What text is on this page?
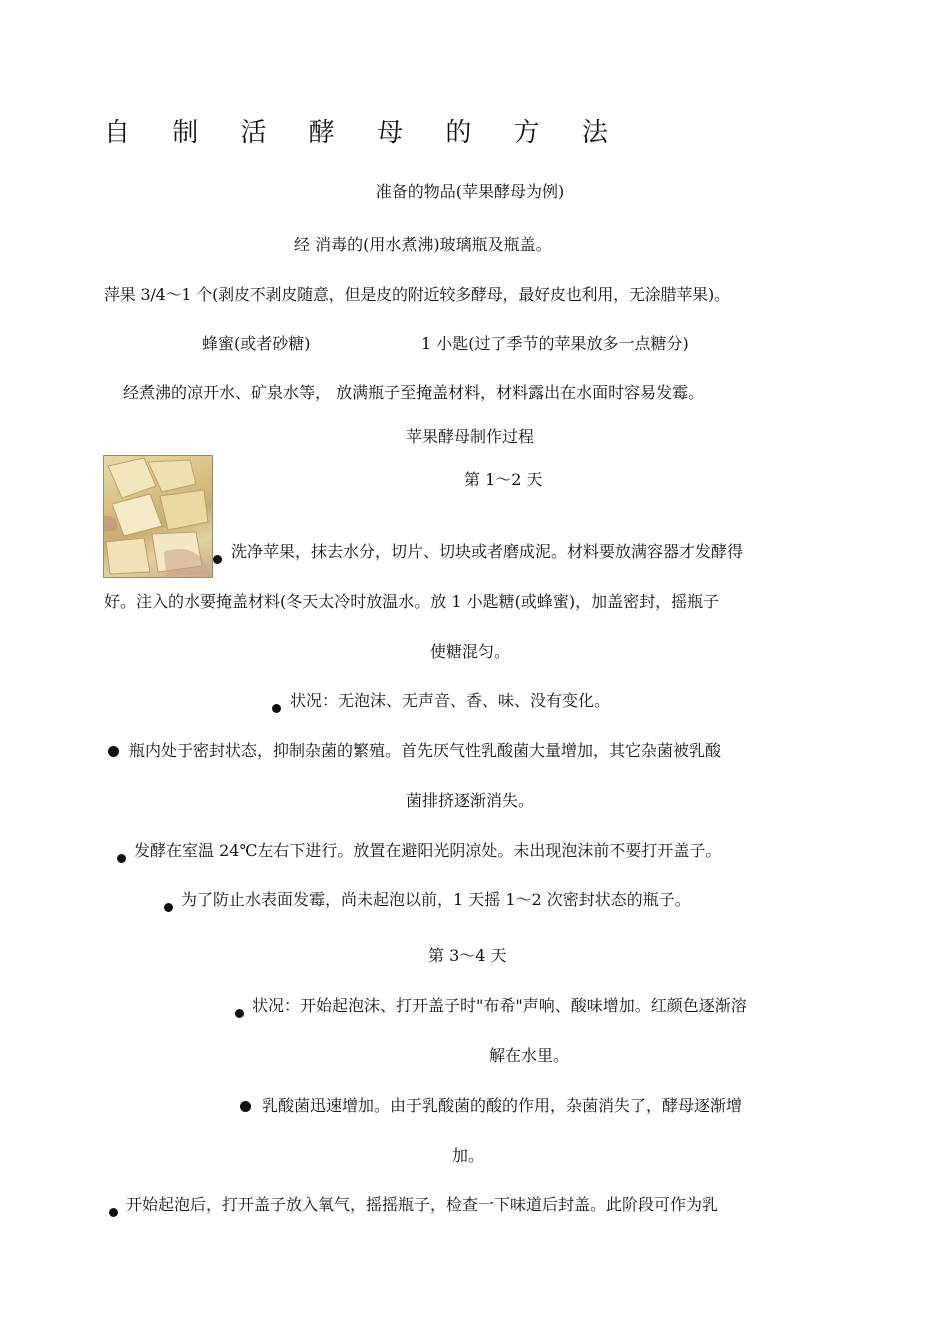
自 制 活 酵 母 的 方 法
准备的物品(苹果酵母为例)
经 消毒的(用水煮沸)玻璃瓶及瓶盖。
萍果 3/4～1 个(剥皮不剥皮随意，但是皮的附近较多酵母，最好皮也利用，无涂腊苹果)。
蜂蜜(或者砂糖)	1 小匙(过了季节的苹果放多一点糖分)
经煮沸的凉开水、矿泉水等， 放满瓶子至掩盖材料，材料露出在水面时容易发霉。
苹果酵母制作过程
第 1～2 天
洗净苹果，抹去水分，切片、切块或者磨成泥。材料要放满容器才发酵得
好。注入的水要掩盖材料(冬天太冷时放温水。放 1 小匙糖(或蜂蜜)，加盖密封，摇瓶子
使糖混匀。
状况：无泡沫、无声音、香、味、没有变化。
瓶内处于密封状态，抑制杂菌的繁殖。首先厌气性乳酸菌大量增加，其它杂菌被乳酸
菌排挤逐渐消失。
发酵在室温 24℃左右下进行。放置在避阳光阴凉处。未出现泡沫前不要打开盖子。
为了防止水表面发霉，尚未起泡以前，1 天摇 1～2 次密封状态的瓶子。
第 3～4 天
状况：开始起泡沫、打开盖子时"布希"声响、酸味增加。红颜色逐渐溶
解在水里。
乳酸菌迅速增加。由于乳酸菌的酸的作用，杂菌消失了，酵母逐渐增
加。
开始起泡后，打开盖子放入氧气，摇摇瓶子，检查一下味道后封盖。此阶段可作为乳
